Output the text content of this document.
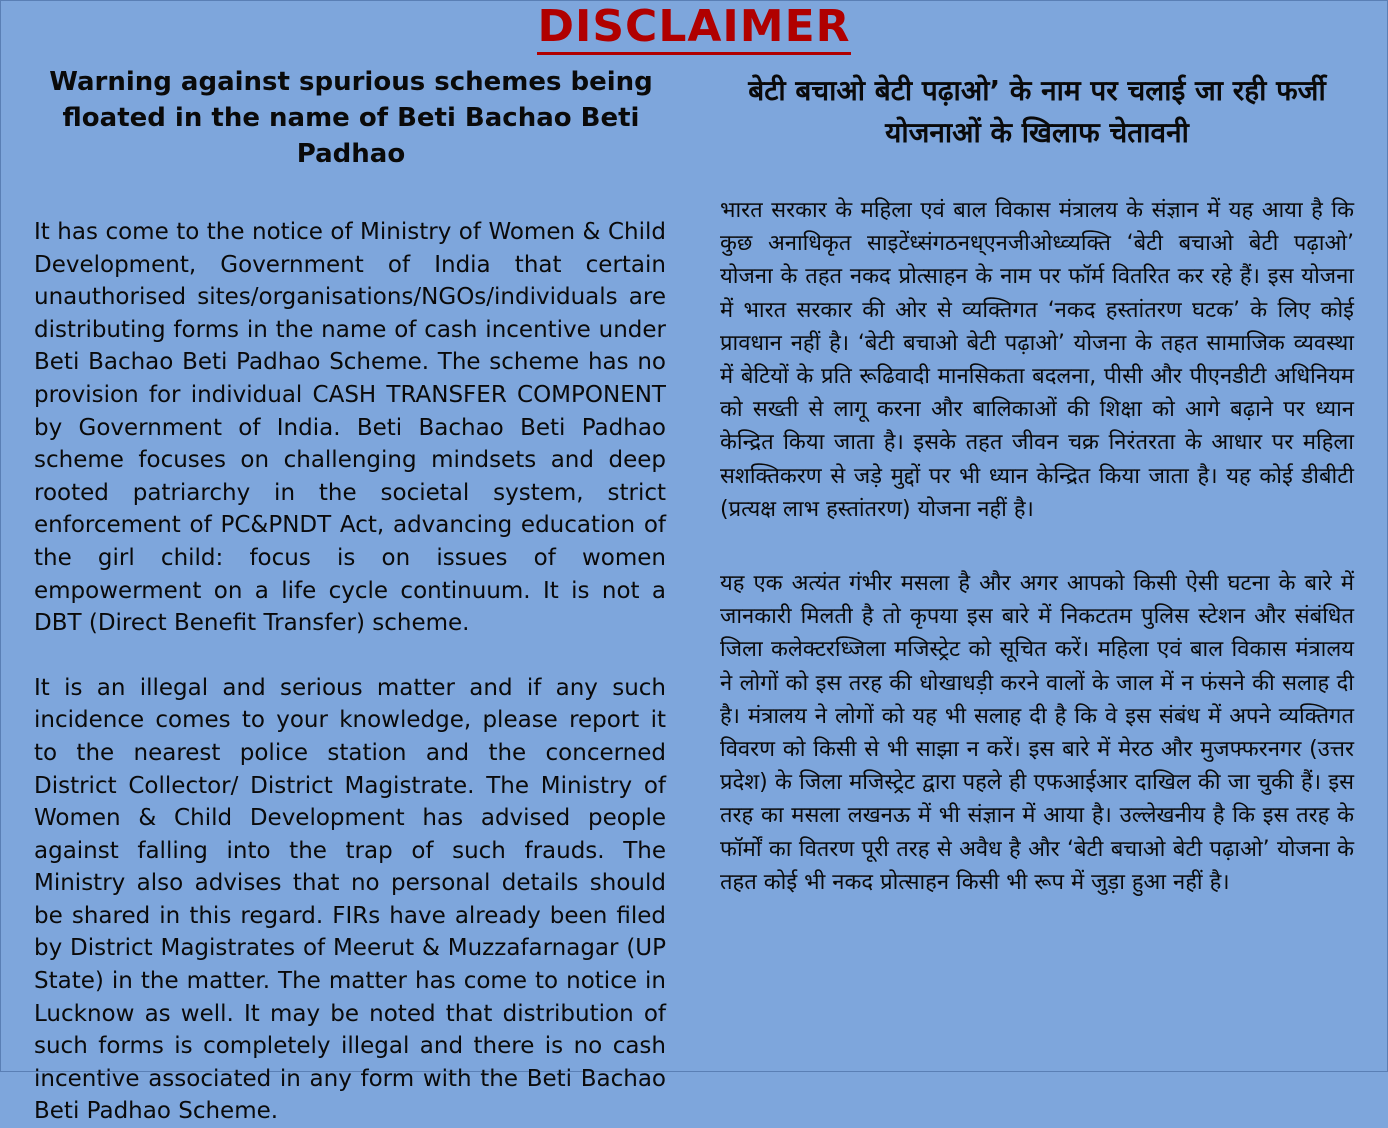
DISCLAIMER
Warning against spurious schemes being floated in the name of Beti Bachao Beti Padhao

It has come to the notice of Ministry of Women & Child Development, Government of India that certain unauthorised sites/organisations/NGOs/individuals are distributing forms in the name of cash incentive under Beti Bachao Beti Padhao Scheme. The scheme has no provision for individual CASH TRANSFER COMPONENT by Government of India. Beti Bachao Beti Padhao scheme focuses on challenging mindsets and deep rooted patriarchy in the societal system, strict enforcement of PC&PNDT Act, advancing education of the girl child: focus is on issues of women empowerment on a life cycle continuum. It is not a DBT (Direct Benefit Transfer) scheme.

It is an illegal and serious matter and if any such incidence comes to your knowledge, please report it to the nearest police station and the concerned District Collector/ District Magistrate. The Ministry of Women & Child Development has advised people against falling into the trap of such frauds. The Ministry also advises that no personal details should be shared in this regard. FIRs have already been filed by District Magistrates of Meerut & Muzzafarnagar (UP State) in the matter. The matter has come to notice in Lucknow as well. It may be noted that distribution of such forms is completely illegal and there is no cash incentive associated in any form with the Beti Bachao Beti Padhao Scheme.

बेटी बचाओ बेटी पढ़ाओ’ के नाम पर चलाई जा रही फर्जी योजनाओं के खिलाफ चेतावनी

भारत सरकार के महिला एवं बाल विकास मंत्रालय के संज्ञान में यह आया है कि कुछ अनाधिकृत साइटेंध्संगठनध्एनजीओध्व्यक्ति ‘बेटी बचाओ बेटी पढ़ाओ’ योजना के तहत नकद प्रोत्साहन के नाम पर फॉर्म वितरित कर रहे हैं। इस योजना में भारत सरकार की ओर से व्यक्तिगत ‘नकद हस्तांतरण घटक’ के लिए कोई प्रावधान नहीं है। ‘बेटी बचाओ बेटी पढ़ाओ’ योजना के तहत सामाजिक व्यवस्था में बेटियों के प्रति रूढिवादी मानसिकता बदलना, पीसी और पीएनडीटी अधिनियम को सख्ती से लागू करना और बालिकाओं की शिक्षा को आगे बढ़ाने पर ध्यान केन्द्रित किया जाता है। इसके तहत जीवन चक्र निरंतरता के आधार पर महिला सशक्तिकरण से जड़े मुद्दों पर भी ध्यान केन्द्रित किया जाता है। यह कोई डीबीटी (प्रत्यक्ष लाभ हस्तांतरण) योजना नहीं है।

यह एक अत्यंत गंभीर मसला है और अगर आपको किसी ऐसी घटना के बारे में जानकारी मिलती है तो कृपया इस बारे में निकटतम पुलिस स्टेशन और संबंधित जिला कलेक्टरध्जिला मजिस्ट्रेट को सूचित करें। महिला एवं बाल विकास मंत्रालय ने लोगों को इस तरह की धोखाधड़ी करने वालों के जाल में न फंसने की सलाह दी है। मंत्रालय ने लोगों को यह भी सलाह दी है कि वे इस संबंध में अपने व्यक्तिगत विवरण को किसी से भी साझा न करें। इस बारे में मेरठ और मुजफ्फरनगर (उत्तर प्रदेश) के जिला मजिस्ट्रेट द्वारा पहले ही एफआईआर दाखिल की जा चुकी हैं। इस तरह का मसला लखनऊ में भी संज्ञान में आया है। उल्लेखनीय है कि इस तरह के फॉर्मों का वितरण पूरी तरह से अवैध है और ‘बेटी बचाओ बेटी पढ़ाओ’ योजना के तहत कोई भी नकद प्रोत्साहन किसी भी रूप में जुड़ा हुआ नहीं है।
